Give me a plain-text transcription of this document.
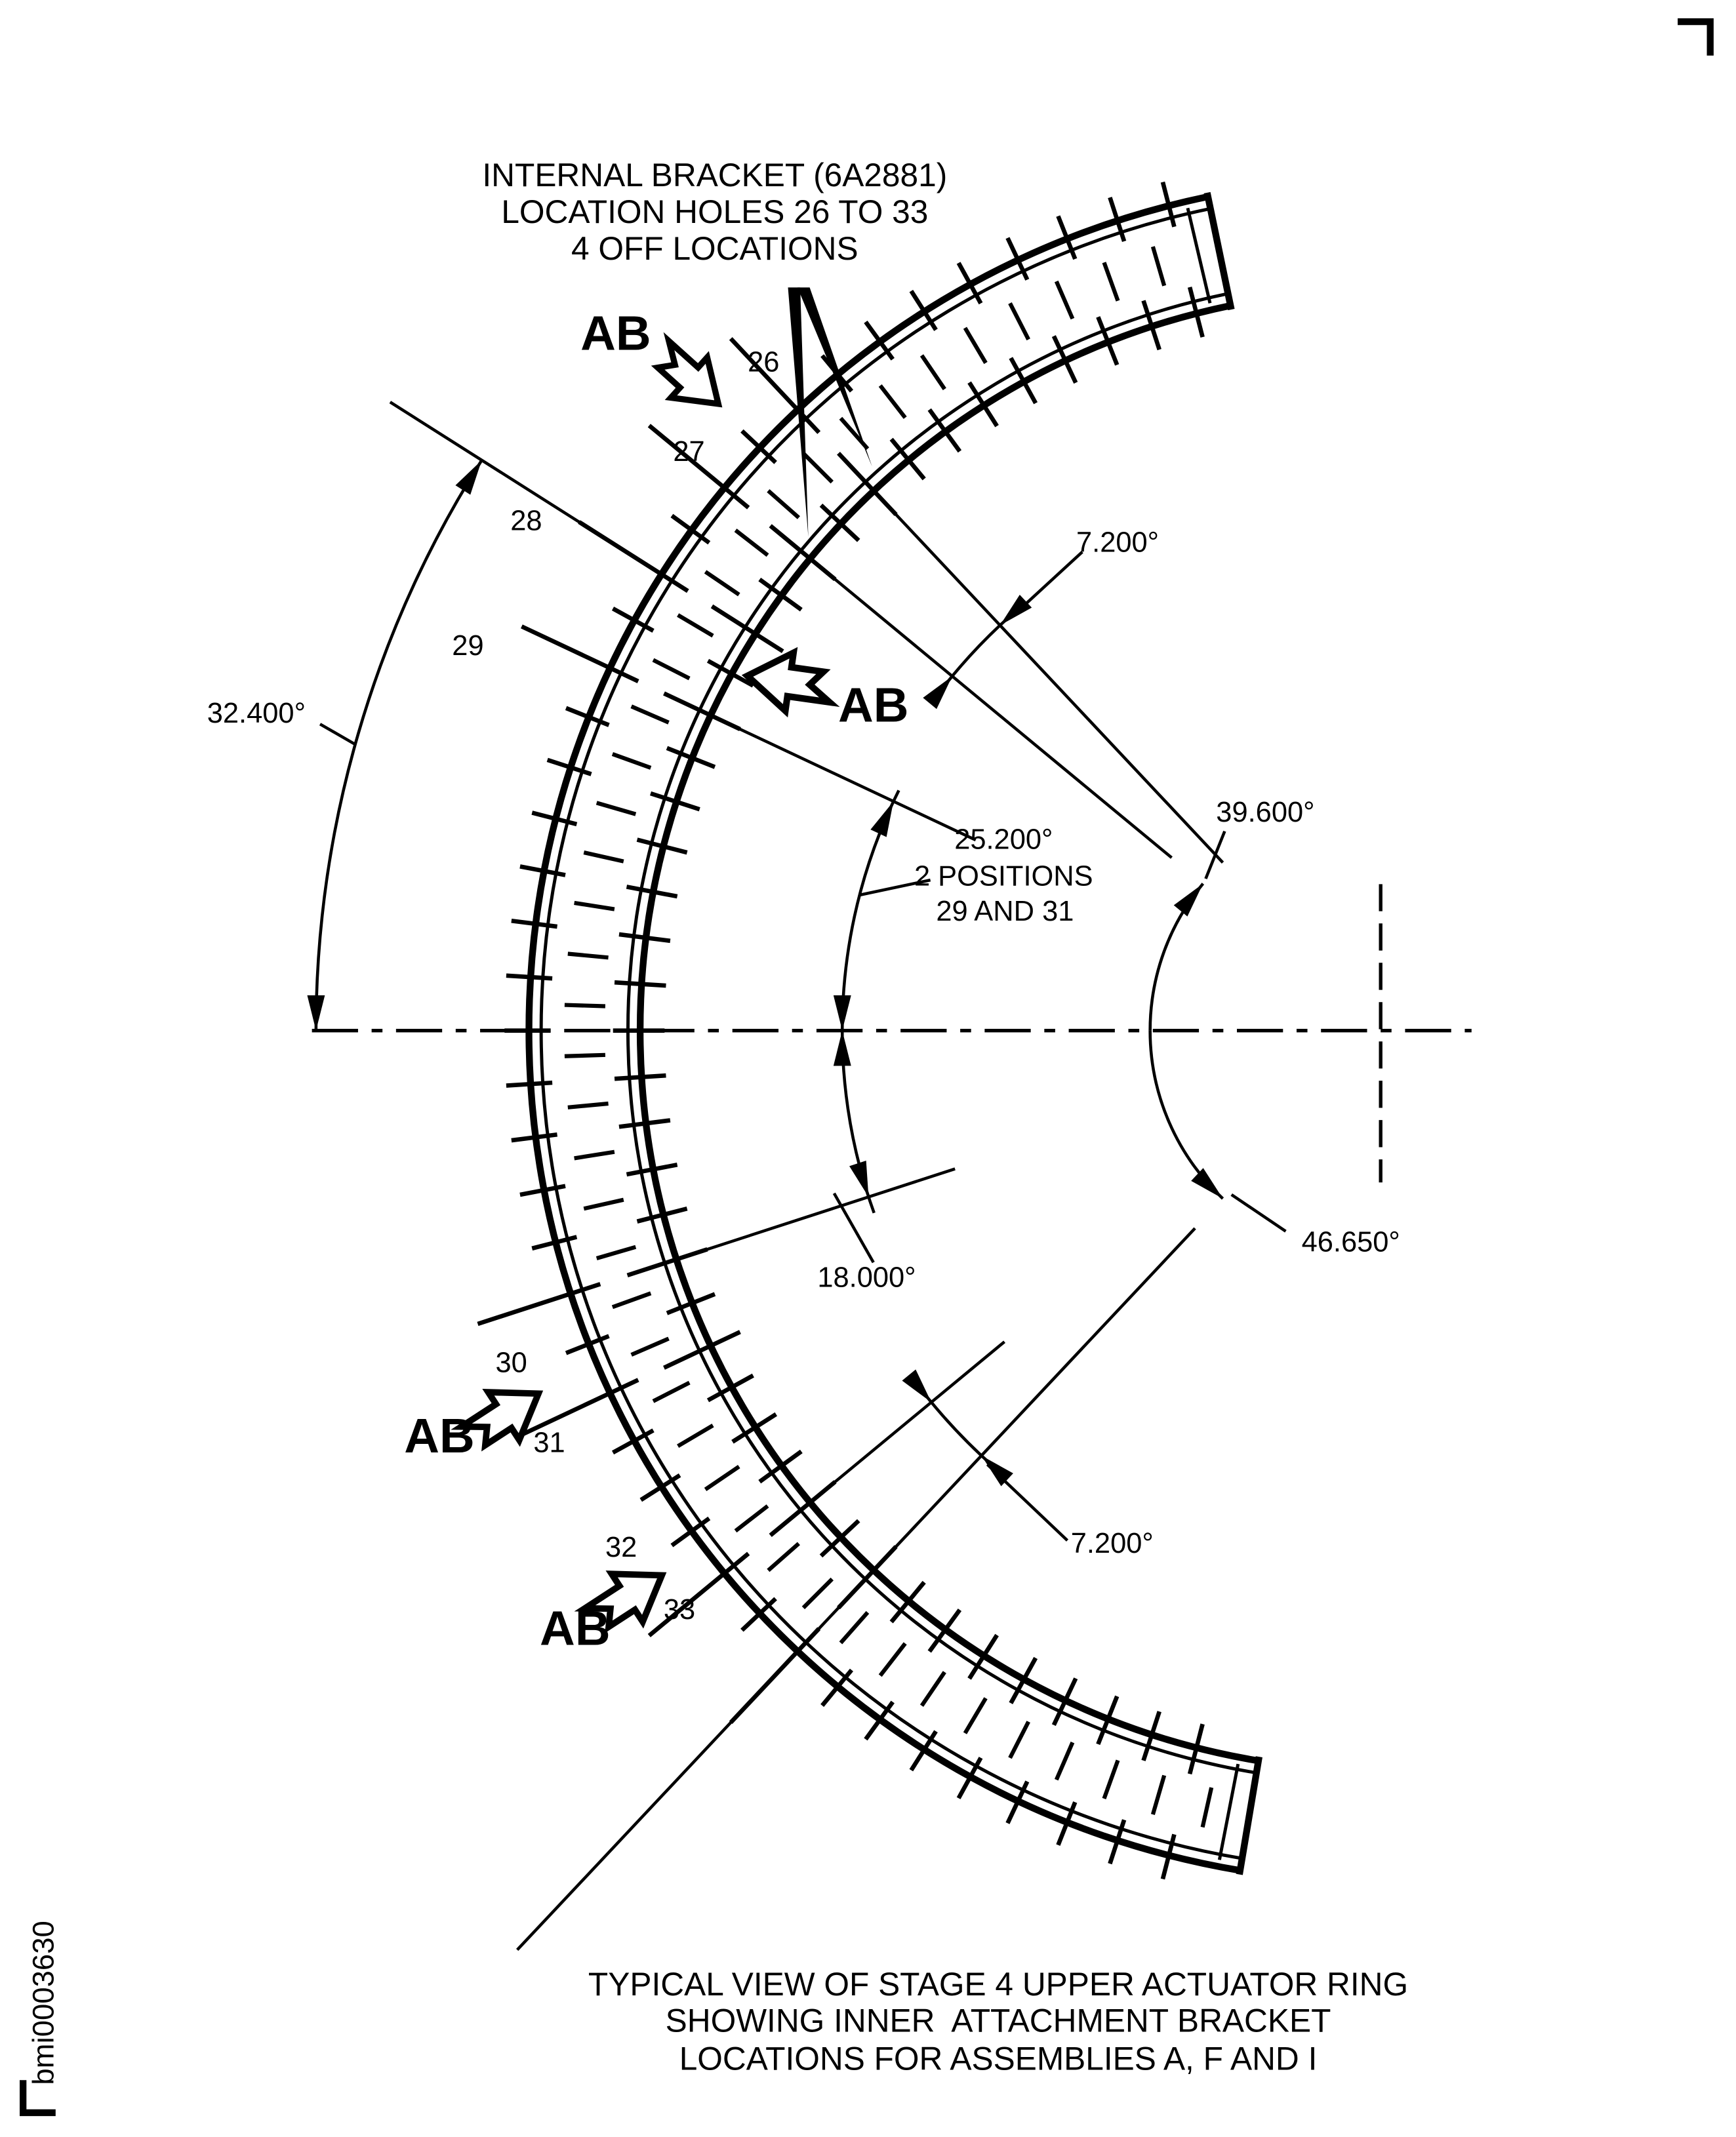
INTERNAL BRACKET (6A2881)
LOCATION HOLES 26 TO 33
4 OFF LOCATIONS
AB
AB
AB
AB
26
27
28
29
30
31
32
33
32.400°
7.200°
25.200°
2 POSITIONS
29 AND 31
39.600°
18.000°
46.650°
7.200°
TYPICAL VIEW OF STAGE 4 UPPER ACTUATOR RING
SHOWING INNER  ATTACHMENT BRACKET
LOCATIONS FOR ASSEMBLIES A, F AND I
bmi0003630
